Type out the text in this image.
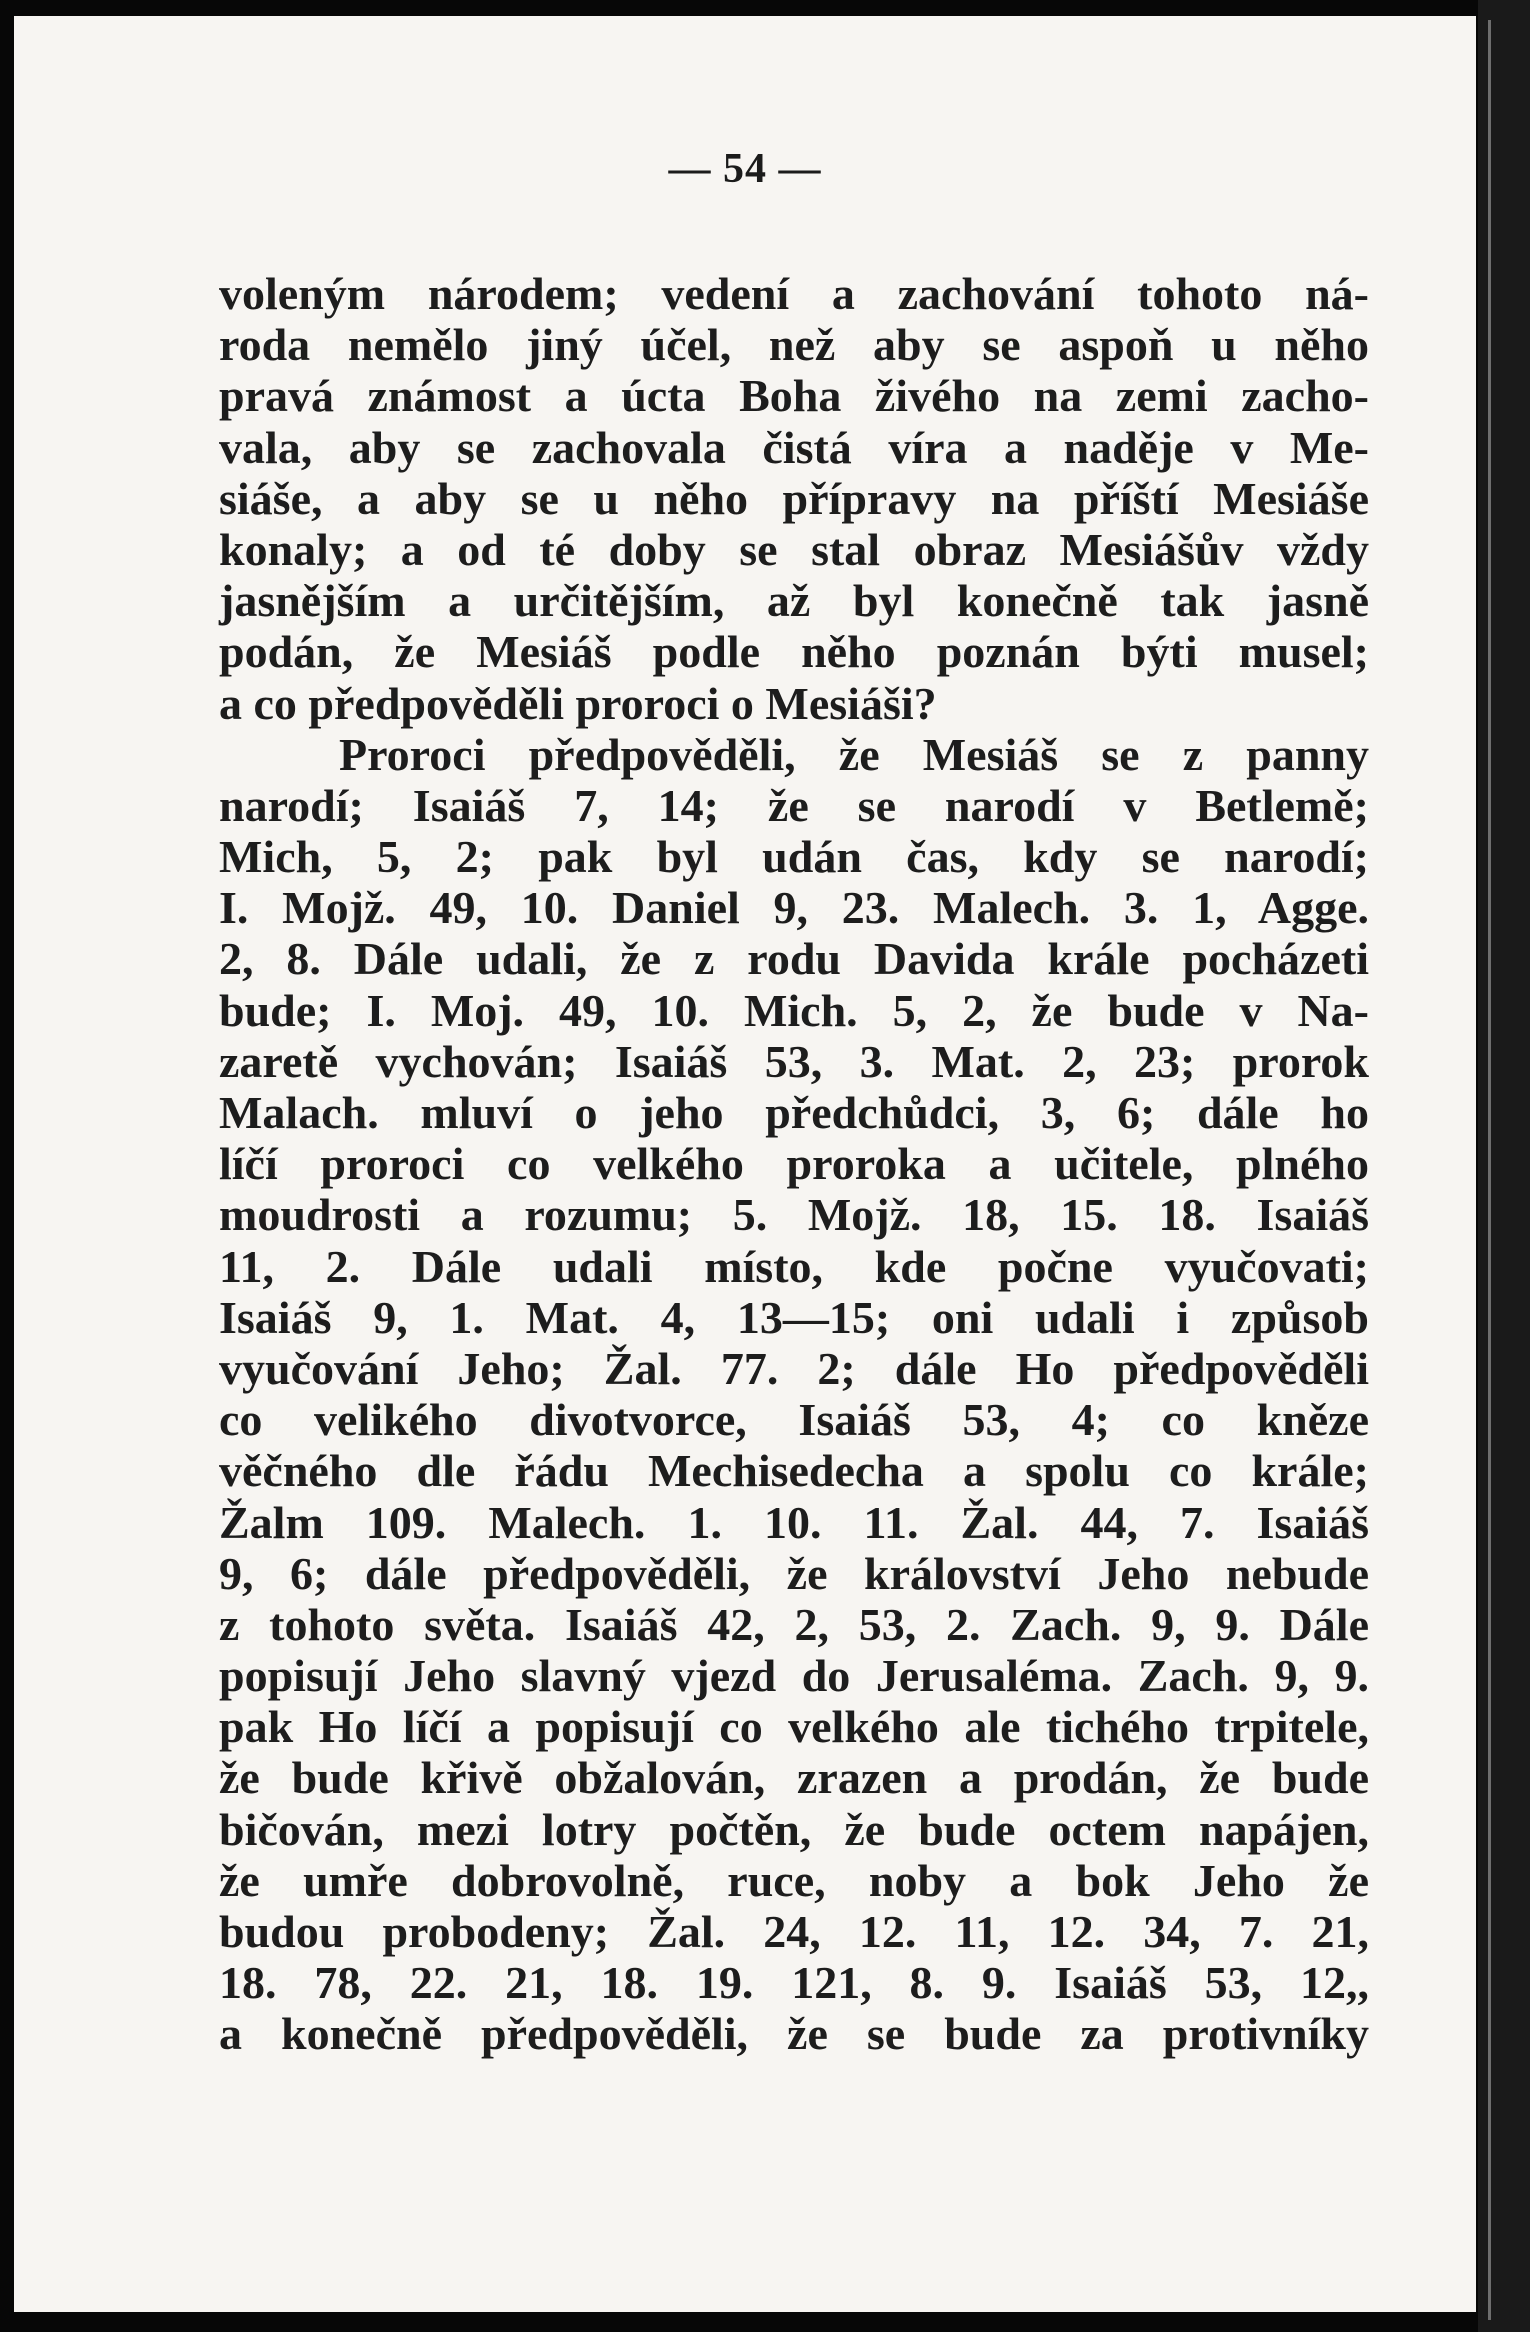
— 54 —
voleným národem; vedení a zachování tohoto ná-
roda nemělo jiný účel, než aby se aspoň u něho
pravá známost a úcta Boha živého na zemi zacho-
vala, aby se zachovala čistá víra a naděje v Me-
siáše, a aby se u něho přípravy na příští Mesiáše
konaly; a od té doby se stal obraz Mesiášův vždy
jasnějším a určitějším, až byl konečně tak jasně
podán, že Mesiáš podle něho poznán býti musel;
a co předpověděli proroci o Mesiáši?
Proroci předpověděli, že Mesiáš se z panny
narodí; Isaiáš 7, 14; že se narodí v Betlemě;
Mich, 5, 2; pak byl udán čas, kdy se narodí;
I. Mojž. 49, 10. Daniel 9, 23. Malech. 3. 1, Agge.
2, 8. Dále udali, že z rodu Davida krále pocházeti
bude; I. Moj. 49, 10. Mich. 5, 2, že bude v Na-
zaretě vychován; Isaiáš 53, 3. Mat. 2, 23; prorok
Malach. mluví o jeho předchůdci, 3, 6; dále ho
líčí proroci co velkého proroka a učitele, plného
moudrosti a rozumu; 5. Mojž. 18, 15. 18. Isaiáš
11, 2. Dále udali místo, kde počne vyučovati;
Isaiáš 9, 1. Mat. 4, 13—15; oni udali i způsob
vyučování Jeho; Žal. 77. 2; dále Ho předpověděli
co velikého divotvorce, Isaiáš 53, 4; co kněze
věčného dle řádu Mechisedecha a spolu co krále;
Žalm 109. Malech. 1. 10. 11. Žal. 44, 7. Isaiáš
9, 6; dále předpověděli, že království Jeho nebude
z tohoto světa. Isaiáš 42, 2, 53, 2. Zach. 9, 9. Dále
popisují Jeho slavný vjezd do Jerusaléma. Zach. 9, 9.
pak Ho líčí a popisují co velkého ale tichého trpitele,
že bude křivě obžalován, zrazen a prodán, že bude
bičován, mezi lotry počtěn, že bude octem napájen,
že umře dobrovolně, ruce, noby a bok Jeho že
budou probodeny; Žal. 24, 12. 11, 12. 34, 7. 21,
18. 78, 22. 21, 18. 19. 121, 8. 9. Isaiáš 53, 12,,
a konečně předpověděli, že se bude za protivníky
